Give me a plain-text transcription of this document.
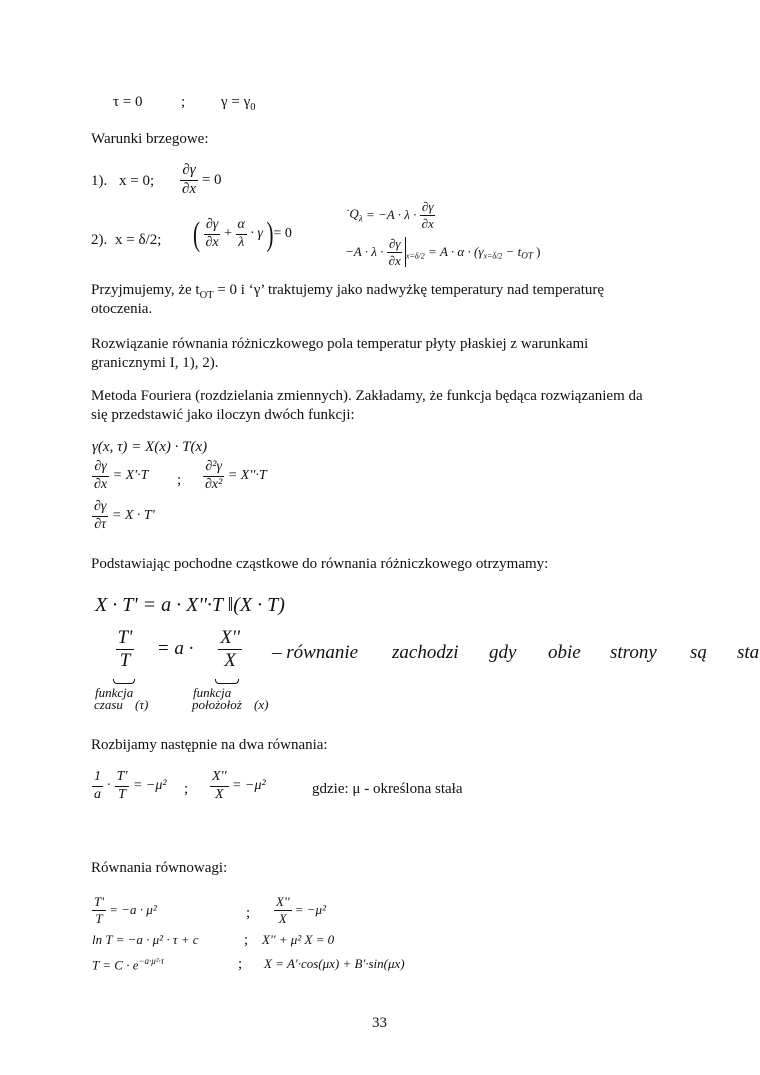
τ = 0	; $\gamma = \gamma_0$
Warunki brzegowe:
1). x = 0; $\frac{\partial\gamma}{\partial x} = 0$
2). x = δ/2; ( $\frac{\partial\gamma}{\partial x} + \frac{\alpha}{\lambda} \cdot \gamma$ )= 0
$˙Q_\lambda = -A \cdot \lambda \cdot \frac{\partial\gamma}{\partial x}$
$-A \cdot \lambda \cdot \frac{\partial\gamma}{\partial x} _{x=\delta/2} = A \cdot \alpha \cdot (\gamma_{x=\delta/2} - t_{OT}$ )
Przyjmujemy, że $t_{OT} = 0$ i ‘γ’ traktujemy jako nadwyżkę temperatury nad temperaturę
otoczenia.
Rozwiązanie równania różniczkowego pola temperatur płyty płaskiej z warunkami
granicznymi I, 1), 2).
Metoda Fouriera (rozdzielania zmiennych). Zakładamy, że funkcja będąca rozwiązaniem da
się przedstawić jako iloczyn dwóch funkcji:
γ(x, τ) = X(x) · T(x)
$\frac{\partial\gamma}{\partial x} = X'\cdot T$ ; $\frac{\text{∂²γ}}{\text{∂x²}} = X''\cdot T$
$\frac{\partial\gamma}{\partial\tau} = X \cdot T'$
Podstawiając pochodne cząstkowe do równania różniczkowego otrzymamy:
X · T' = a · X''·T ‖(X · T)
$\frac{T'}{T} = a \cdot \frac{X''}{X}$ – równanie zachodzi gdy obie strony są sta
funkcja
czasu (τ)
funkcja
położołoż (x)
Rozbijamy następnie na dwa równania:
$\frac{1}{a} \cdot \frac{T'}{T} = -\mu^2$ ; $\frac{X''}{X} = -\mu^2$	gdzie: μ - określona stała
Równania równowagi:
$\frac{T'}{T} = -a \cdot \mu^2$	; $\frac{X''}{X} = -\mu^2$
ln T = −a · μ² · τ + c	; X'' + μ² X = 0
$T = C \cdot e^{-a\cdot\mu^2\cdot\tau}$	; X = A'·cos(μx) + B'·sin(μx)
33
